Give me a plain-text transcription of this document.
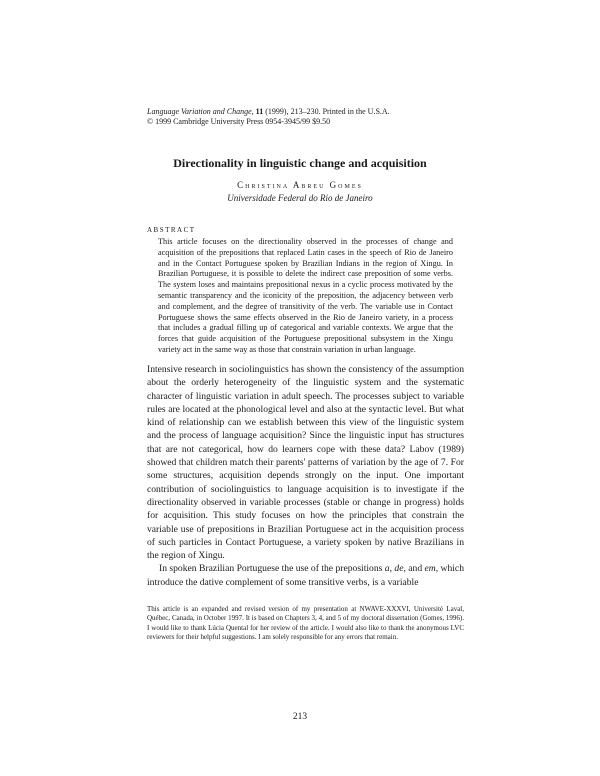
Language Variation and Change, 11 (1999), 213–230. Printed in the U.S.A.
© 1999 Cambridge University Press 0954-3945/99 $9.50
Directionality in linguistic change and acquisition
Christina Abreu Gomes
Universidade Federal do Rio de Janeiro
ABSTRACT
This article focuses on the directionality observed in the processes of change and acquisition of the prepositions that replaced Latin cases in the speech of Rio de Janeiro and in the Contact Portuguese spoken by Brazilian Indians in the region of Xingu. In Brazilian Portuguese, it is possible to delete the indirect case preposition of some verbs. The system loses and maintains prepositional nexus in a cyclic process motivated by the semantic transparency and the iconicity of the preposition, the adjacency between verb and complement, and the degree of transitivity of the verb. The variable use in Contact Portuguese shows the same effects observed in the Rio de Janeiro variety, in a process that includes a gradual filling up of categorical and variable contexts. We argue that the forces that guide acquisition of the Portuguese prepositional subsystem in the Xingu variety act in the same way as those that constrain variation in urban language.

Intensive research in sociolinguistics has shown the consistency of the assumption about the orderly heterogeneity of the linguistic system and the systematic character of linguistic variation in adult speech. The processes subject to variable rules are located at the phonological level and also at the syntactic level. But what kind of relationship can we establish between this view of the linguistic system and the process of language acquisition? Since the linguistic input has structures that are not categorical, how do learners cope with these data? Labov (1989) showed that children match their parents' patterns of variation by the age of 7. For some structures, acquisition depends strongly on the input. One important contribution of sociolinguistics to language acquisition is to investigate if the directionality observed in variable processes (stable or change in progress) holds for acquisition. This study focuses on how the principles that constrain the variable use of prepositions in Brazilian Portuguese act in the acquisition process of such particles in Contact Portuguese, a variety spoken by native Brazilians in the region of Xingu.

In spoken Brazilian Portuguese the use of the prepositions a, de, and em, which introduce the dative complement of some transitive verbs, is a variable

This article is an expanded and revised version of my presentation at NWAVE-XXXVI, Université Laval, Québec, Canada, in October 1997. It is based on Chapters 3, 4, and 5 of my doctoral dissertation (Gomes, 1996). I would like to thank Lúcia Quental for her review of the article. I would also like to thank the anonymous LVC reviewers for their helpful suggestions. I am solely responsible for any errors that remain.
213
